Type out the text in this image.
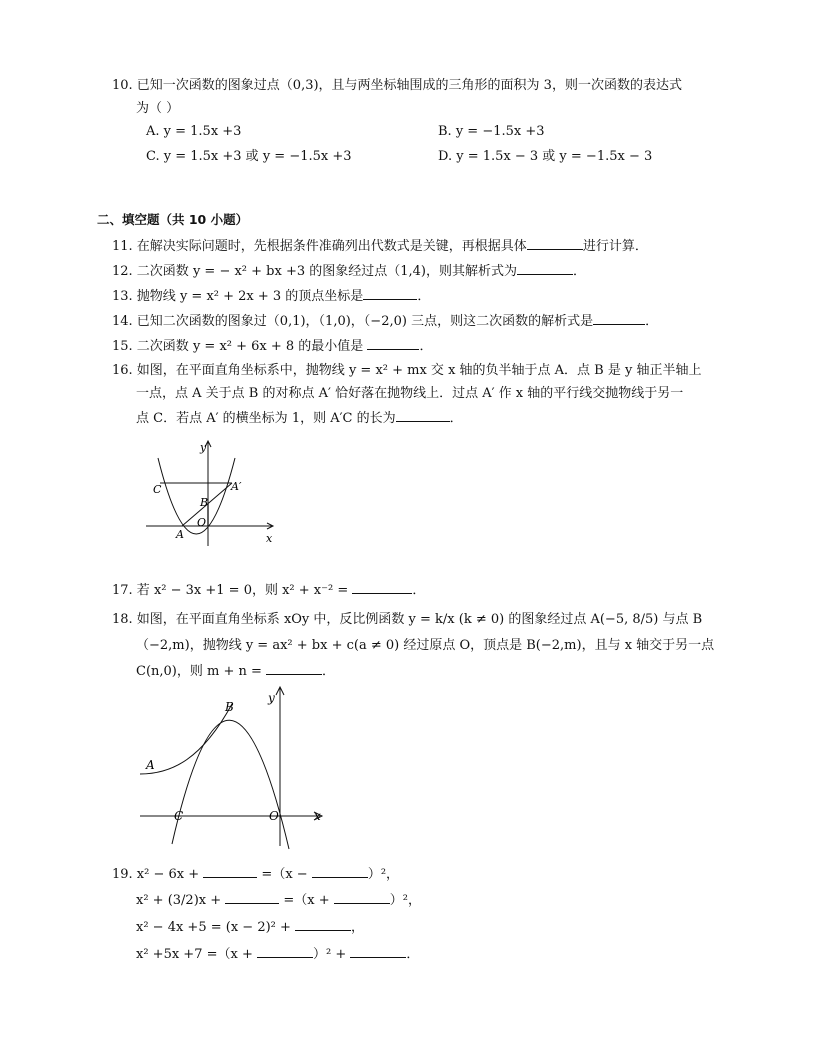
10. 已知一次函数的图象过点（0,3)，且与两坐标轴围成的三角形的面积为 3，则一次函数的表达式
为（ ）
A. y = 1.5x +3	B. y = −1.5x +3
C. y = 1.5x +3 或 y = −1.5x +3	D. y = 1.5x − 3 或 y = −1.5x − 3
二、填空题（共 10 小题）
11. 在解决实际问题时，先根据条件准确列出代数式是关键，再根据具体	进行计算．
12. 二次函数 y = − x² + bx +3 的图象经过点（1,4)，则其解析式为	．
13. 抛物线 y = x² + 2x + 3 的顶点坐标是	．
14. 已知二次函数的图象过（0,1)，（1,0)，（−2,0) 三点，则这二次函数的解析式是	．
15. 二次函数 y = x² + 6x + 8 的最小值是	．
16. 如图，在平面直角坐标系中，抛物线 y = x² + mx 交 x 轴的负半轴于点 A．点 B 是 y 轴正半轴上
一点，点 A 关于点 B 的对称点 A′ 恰好落在抛物线上．过点 A′ 作 x 轴的平行线交抛物线于另一
点 C．若点 A′ 的横坐标为 1，则 A′C 的长为	．
y
x
C	A′
B
O
A
17. 若 x² − 3x +1 = 0，则 x² + x⁻² =	．
18. 如图，在平面直角坐标系 xOy 中，反比例函数 y = k/x (k ≠ 0) 的图象经过点 A(−5, 8/5) 与点 B
（−2,m)，抛物线 y = ax² + bx + c(a ≠ 0) 经过原点 O，顶点是 B(−2,m)，且与 x 轴交于另一点
C(n,0)，则 m + n =	．
y
x
B
A
C	O
19. x² − 6x +	=（x −	）²，
x² + (3/2)x +	=（x +	）²，
x² − 4x +5 = (x − 2)² +	，
x² +5x +7 =（x +	）² +	．
